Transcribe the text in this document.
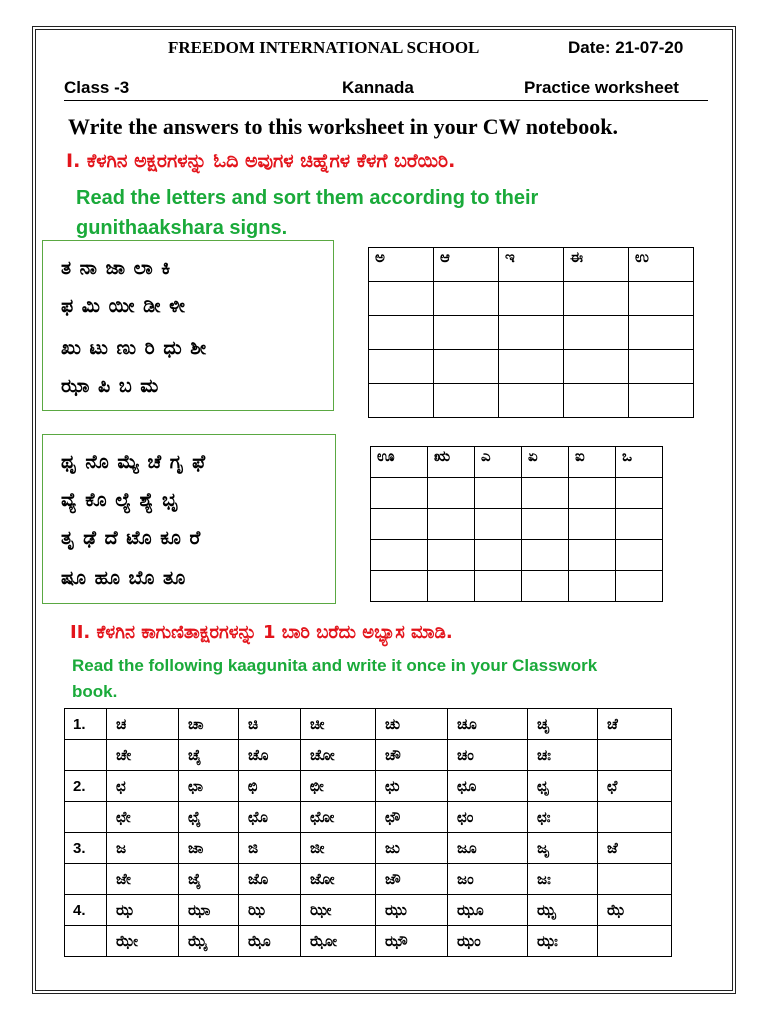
FREEDOM INTERNATIONAL SCHOOL	Date: 21-07-20
Class -3	Kannada	Practice worksheet
Write the answers to this worksheet in your CW notebook.
I. ಕೆಳಗಿನ ಅಕ್ಷರಗಳನ್ನು ಓದಿ ಅವುಗಳ ಚಿಹ್ನೆಗಳ ಕೆಳಗೆ ಬರೆಯಿರಿ.
Read the letters and sort them according to their
gunithaakshara signs.
ತ ನಾ ಜಾ ಲಾ ಕಿ
ಫ ಮಿ ಯೀ ಡೀ ಳೀ
ಖು ಟು ಣು ರಿ ಧು ಶೀ
ಝಾ ಪಿ ಬ ಮ
ಅ	ಆ	ಇ	ಈ	ಉ

ಥೃ ನೊ ಮ್ಯೆ ಚೆ ಗೃ ಫೆ
ವ್ಯೆ ಕೊ ಲ್ಯೆ ಶ್ಯೆ ಭೃ
ತೃ ಢೆ ದೆ ಟೊ ಕೂ ರೆ
ಷೂ ಹೂ ಬೊ ತೂ
ಊ	ಋ	ಎ	ಏ	ಐ	ಒ

II. ಕೆಳಗಿನ ಕಾಗುಣಿತಾಕ್ಷರಗಳನ್ನು 1 ಬಾರಿ ಬರೆದು ಅಭ್ಯಾಸ ಮಾಡಿ.
Read the following kaagunita and write it once in your Classwork
book.
1.	ಚ	ಚಾ	ಚಿ	ಚೀ	ಚು	ಚೂ	ಚೃ	ಚೆ
	ಚೇ	ಚೈ	ಚೊ	ಚೋ	ಚೌ	ಚಂ	ಚಃ	
2.	ಛ	ಛಾ	ಛಿ	ಛೀ	ಛು	ಛೂ	ಛೃ	ಛೆ
	ಛೇ	ಛೈ	ಛೊ	ಛೋ	ಛೌ	ಛಂ	ಛಃ	
3.	ಜ	ಜಾ	ಜಿ	ಜೀ	ಜು	ಜೂ	ಜೃ	ಜೆ
	ಜೇ	ಜೈ	ಜೊ	ಜೋ	ಜೌ	ಜಂ	ಜಃ	
4.	ಝ	ಝಾ	ಝಿ	ಝೀ	ಝು	ಝೂ	ಝೃ	ಝೆ
	ಝೇ	ಝೈ	ಝೊ	ಝೋ	ಝೌ	ಝಂ	ಝಃ	
